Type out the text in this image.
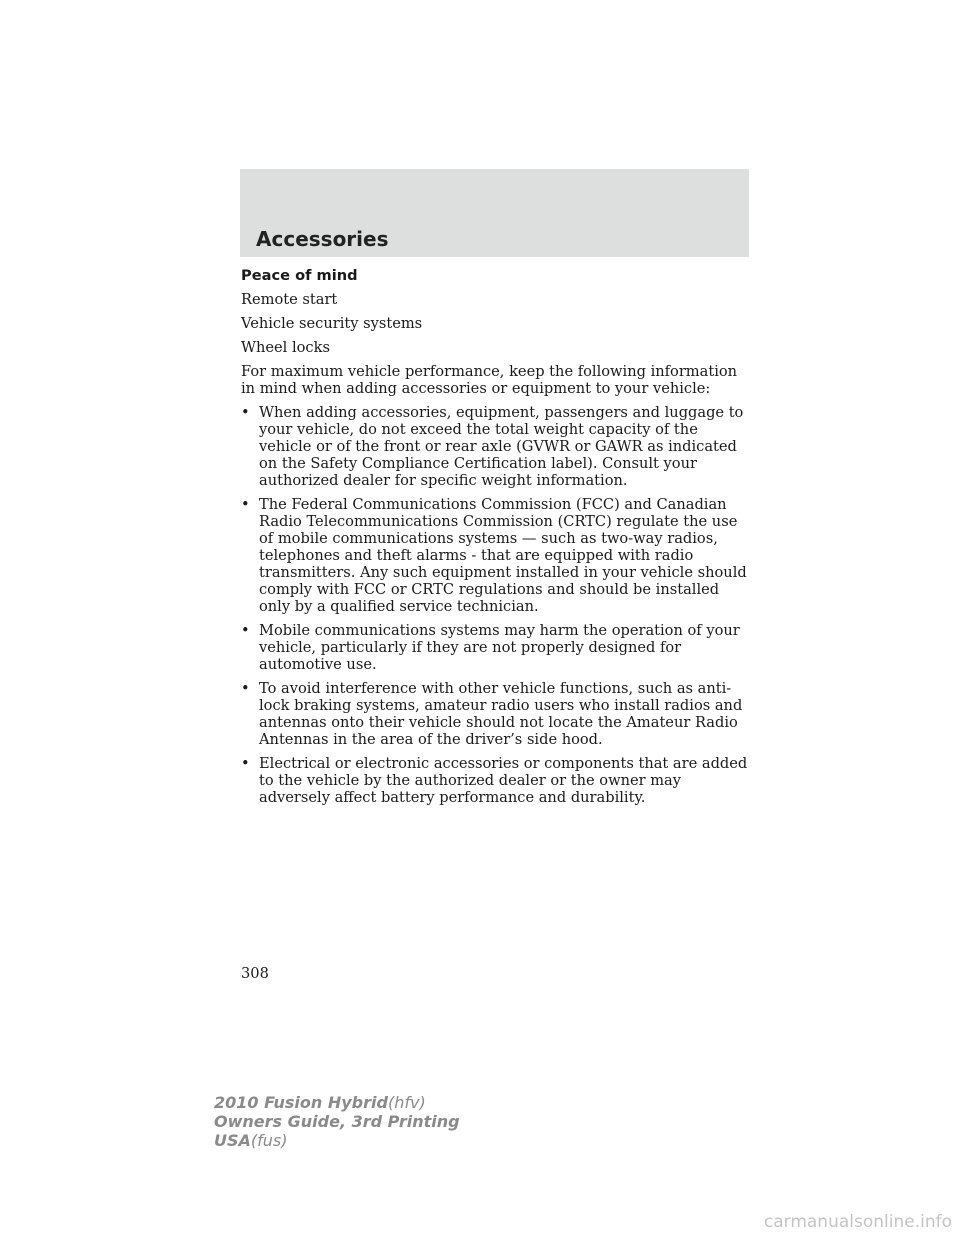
Accessories

Peace of mind

Remote start

Vehicle security systems

Wheel locks

For maximum vehicle performance, keep the following information in mind when adding accessories or equipment to your vehicle:

• When adding accessories, equipment, passengers and luggage to your vehicle, do not exceed the total weight capacity of the vehicle or of the front or rear axle (GVWR or GAWR as indicated on the Safety Compliance Certification label). Consult your authorized dealer for specific weight information.
• The Federal Communications Commission (FCC) and Canadian Radio Telecommunications Commission (CRTC) regulate the use of mobile communications systems — such as two-way radios, telephones and theft alarms - that are equipped with radio transmitters. Any such equipment installed in your vehicle should comply with FCC or CRTC regulations and should be installed only by a qualified service technician.
• Mobile communications systems may harm the operation of your vehicle, particularly if they are not properly designed for automotive use.
• To avoid interference with other vehicle functions, such as anti-lock braking systems, amateur radio users who install radios and antennas onto their vehicle should not locate the Amateur Radio Antennas in the area of the driver’s side hood.
• Electrical or electronic accessories or components that are added to the vehicle by the authorized dealer or the owner may adversely affect battery performance and durability.
308
2010 Fusion Hybrid(hfv)
Owners Guide, 3rd Printing
USA(fus)
carmanualsonline.info
